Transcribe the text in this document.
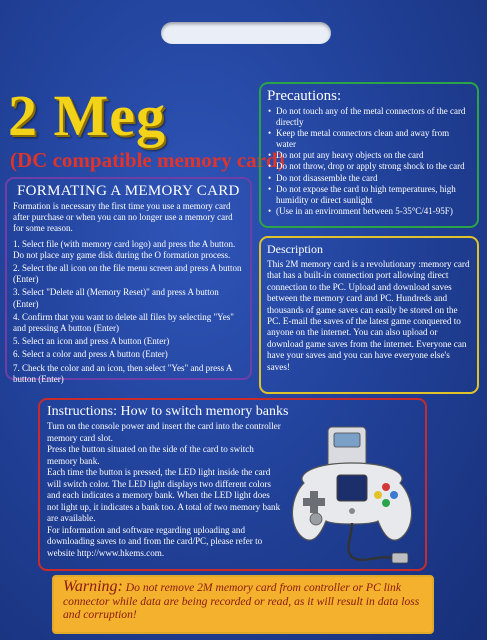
2 Meg
(DC compatible memory card)
Precautions:
• Do not touch any of the metal connectors of the card directly
• Keep the metal connectors clean and away from water
• Do not put any heavy objects on the card
• Do not throw, drop or apply strong shock to the card
• Do not disassemble the card
• Do not expose the card to high temperatures, high humidity or direct sunlight
• (Use in an environment between 5-35°C/41-95F)
FORMATING A MEMORY CARD

Formation is necessary the first time you use a memory card after purchase or when you can no longer use a memory card for some reason.

1. Select file (with memory card logo) and press the A button. Do not place any game disk during the O formation process.

2. Select the all icon on the file menu screen and press A button (Enter)

3. Select "Delete all (Memory Reset)" and press A button (Enter)

4. Confirm that you want to delete all files by selecting "Yes" and pressing A button (Enter)

5. Select an icon and press A button (Enter)

6. Select a color and press A button (Enter)

7. Check the color and an icon, then select "Yes" and press A button (Enter)

Description

This 2M memory card is a revolutionary :memory card that has a built-in connection port allowing direct connection to the PC. Upload and download saves between the memory card and PC. Hundreds and thousands of game saves can easily be stored on the PC. E-mail the saves of the latest game conquered to anyone on the internet. You can also upload or download game saves from the internet. Everyone can have your saves and you can have everyone else's saves!

Instructions: How to switch memory banks

Turn on the console power and insert the card into the controller memory card slot.

Press the button situated on the side of the card to switch memory bank.

Each time the button is pressed, the LED light inside the card will switch color. The LED light displays two different colors and each indicates a memory bank. When the LED light does not light up, it indicates a bank too. A total of two memory bank are available.

For information and software regarding uploading and downloading saves to and from the card/PC, please refer to website http://www.hkems.com.

Warning: Do not remove 2M memory card from controller or PC link connector while data are being recorded or read, as it will result in data loss and corruption!
